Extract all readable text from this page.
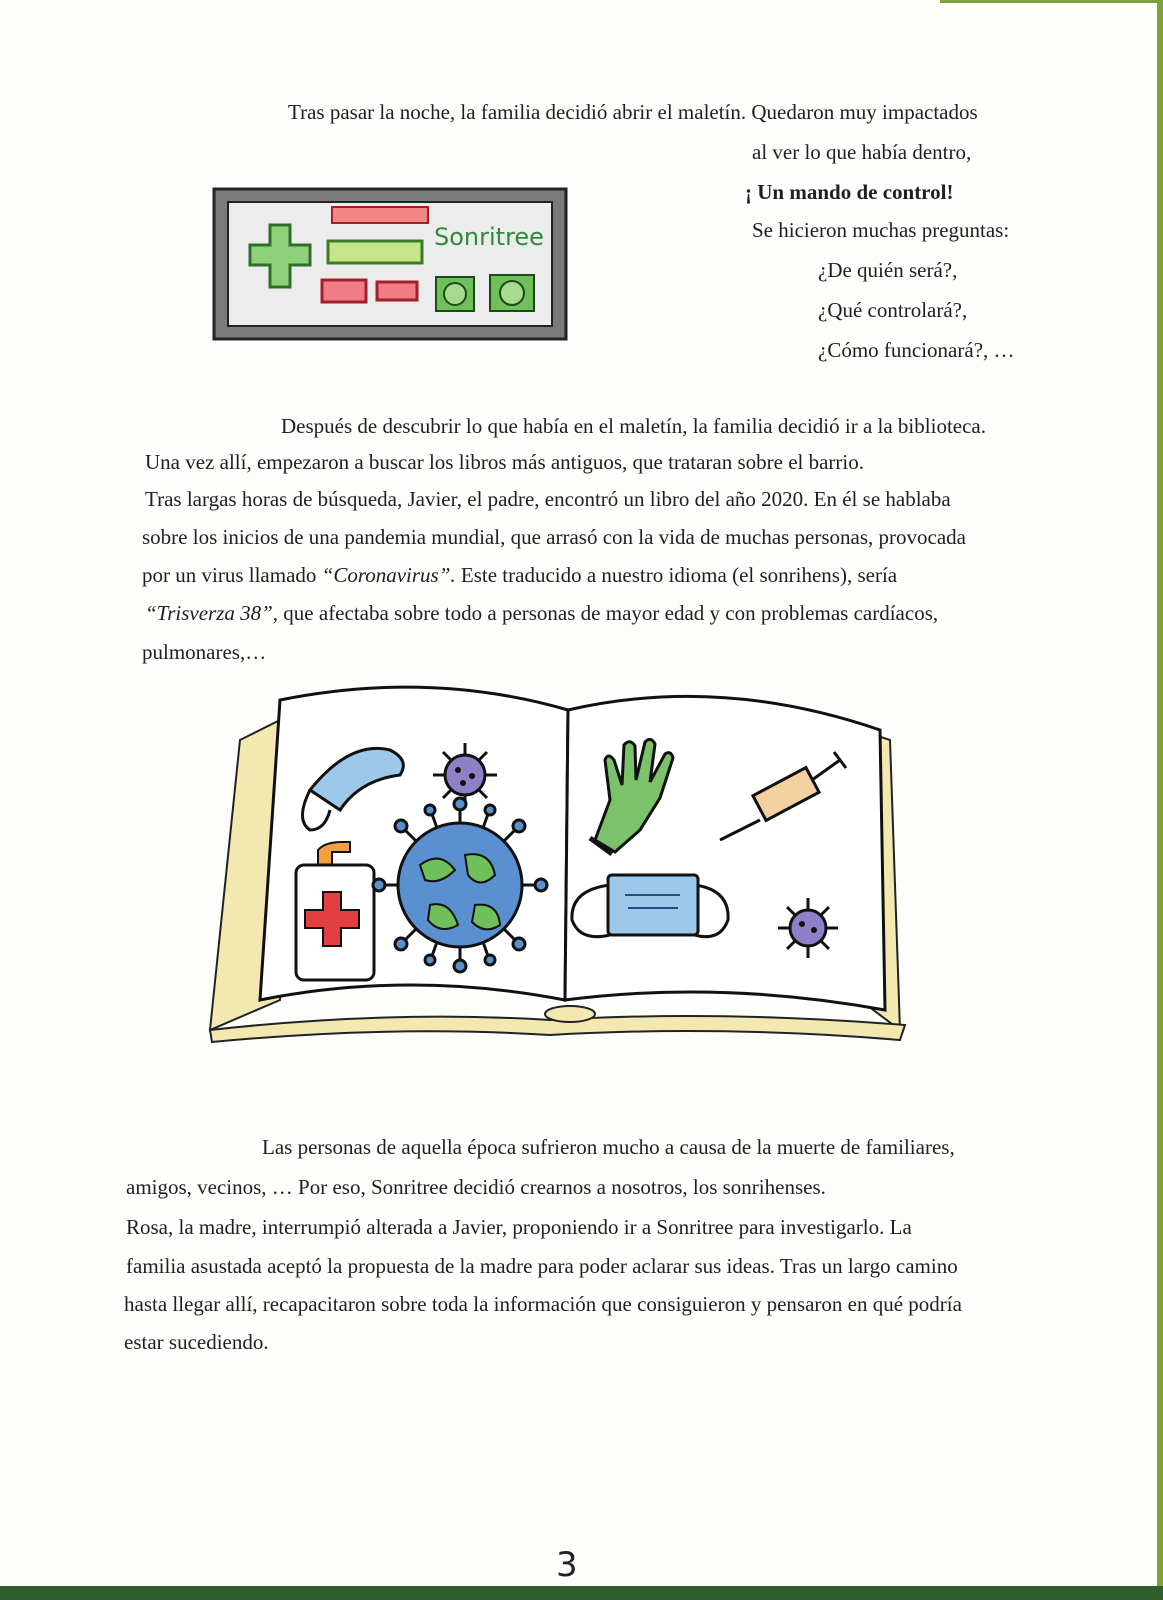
Tras pasar la noche, la familia decidió abrir el maletín. Quedaron muy impactados
al ver lo que había dentro,
¡ Un mando de control!
Se hicieron muchas preguntas:
¿De quién será?,
¿Qué controlará?,
¿Cómo funcionará?, …
Sonritree
Después de descubrir lo que había en el maletín, la familia decidió ir a la biblioteca.
Una vez allí, empezaron a buscar los libros más antiguos, que trataran sobre el barrio.
Tras largas horas de búsqueda, Javier, el padre, encontró un libro del año 2020. En él se hablaba
sobre los inicios de una pandemia mundial, que arrasó con la vida de muchas personas, provocada
por un virus llamado “Coronavirus”. Este traducido a nuestro idioma (el sonrihens), sería
“Trisverza 38”, que afectaba sobre todo a personas de mayor edad y con problemas cardíacos,
pulmonares,…
Las personas de aquella época sufrieron mucho a causa de la muerte de familiares,
amigos, vecinos, … Por eso, Sonritree decidió crearnos a nosotros, los sonrihenses.
Rosa, la madre, interrumpió alterada a Javier, proponiendo ir a Sonritree para investigarlo. La
familia asustada aceptó la propuesta de la madre para poder aclarar sus ideas. Tras un largo camino
hasta llegar allí, recapacitaron sobre toda la información que consiguieron y pensaron en qué podría
estar sucediendo.
3
